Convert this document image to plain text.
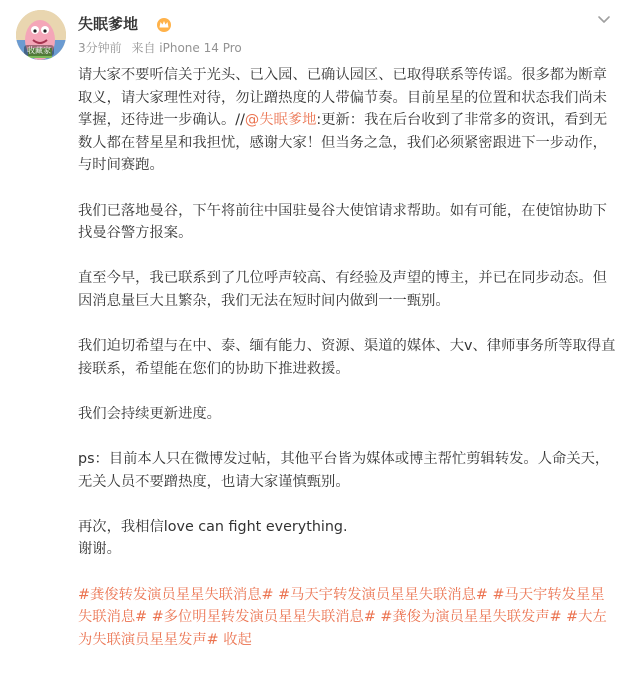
收藏家
失眠爹地
3分钟前 来自 iPhone 14 Pro

请大家不要听信关于光头、已入园、已确认园区、已取得联系等传谣。很多都为断章取义，请大家理性对待，勿让蹭热度的人带偏节奏。目前星星的位置和状态我们尚未掌握，还待进一步确认。//@失眠爹地:更新：我在后台收到了非常多的资讯，看到无数人都在替星星和我担忧，感谢大家！但当务之急，我们必须紧密跟进下一步动作，与时间赛跑。

我们已落地曼谷，下午将前往中国驻曼谷大使馆请求帮助。如有可能，在使馆协助下找曼谷警方报案。

直至今早，我已联系到了几位呼声较高、有经验及声望的博主，并已在同步动态。但因消息量巨大且繁杂，我们无法在短时间内做到一一甄别。

我们迫切希望与在中、泰、缅有能力、资源、渠道的媒体、大v、律师事务所等取得直接联系，希望能在您们的协助下推进救援。

我们会持续更新进度。

ps：目前本人只在微博发过帖，其他平台皆为媒体或博主帮忙剪辑转发。人命关天，无关人员不要蹭热度，也请大家谨慎甄别。

再次，我相信love can fight everything.

谢谢。

#龚俊转发演员星星失联消息# #马天宇转发演员星星失联消息# #马天宇转发星星失联消息# #多位明星转发演员星星失联消息# #龚俊为演员星星失联发声# #大左为失联演员星星发声# 收起
